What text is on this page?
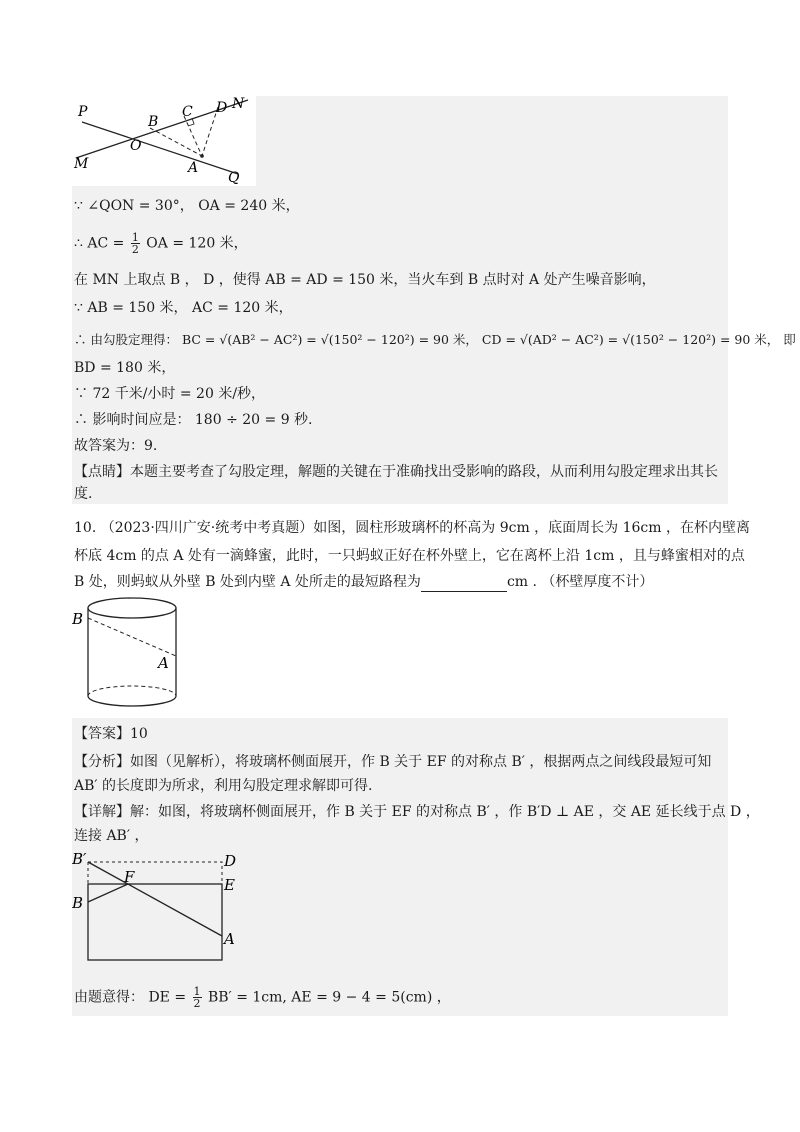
P
B
C D N
O
M	A
Q
∵ ∠QON = 30°， OA = 240 米，
∴ AC = $\frac{1}{2}$ OA = 120 米，
在 MN 上取点 B ， D ，使得 AB = AD = 150 米，当火车到 B 点时对 A 处产生噪音影响，
∵ AB = 150 米， AC = 120 米，
∴ 由勾股定理得： BC = √(AB² − AC²) = √(150² − 120²) = 90 米， CD = √(AD² − AC²) = √(150² − 120²) = 90 米， 即
BD = 180 米，
∵ 72 千米/小时 = 20 米/秒，
∴ 影响时间应是： 180 ÷ 20 = 9 秒.
故答案为：9.
【点睛】本题主要考查了勾股定理，解题的关键在于准确找出受影响的路段，从而利用勾股定理求出其长
度.
10. （2023·四川广安·统考中考真题）如图，圆柱形玻璃杯的杯高为 9cm ，底面周长为 16cm ，在杯内壁离
杯底 4cm 的点 A 处有一滴蜂蜜，此时，一只蚂蚁正好在杯外壁上，它在离杯上沿 1cm ，且与蜂蜜相对的点
B 处，则蚂蚁从外壁 B 处到内壁 A 处所走的最短路程为	cm . （杯壁厚度不计）
B
A
【答案】10
【分析】如图（见解析），将玻璃杯侧面展开，作 B 关于 EF 的对称点 B′ ，根据两点之间线段最短可知
AB′ 的长度即为所求，利用勾股定理求解即可得.
【详解】解：如图，将玻璃杯侧面展开，作 B 关于 EF 的对称点 B′ ，作 B′D ⊥ AE ，交 AE 延长线于点 D ，
连接 AB′ ，
B′	D
F	E
B
A
由题意得： DE = $\frac{1}{2} BB' = 1cm$, AE = 9 − 4 = 5(cm) ，
